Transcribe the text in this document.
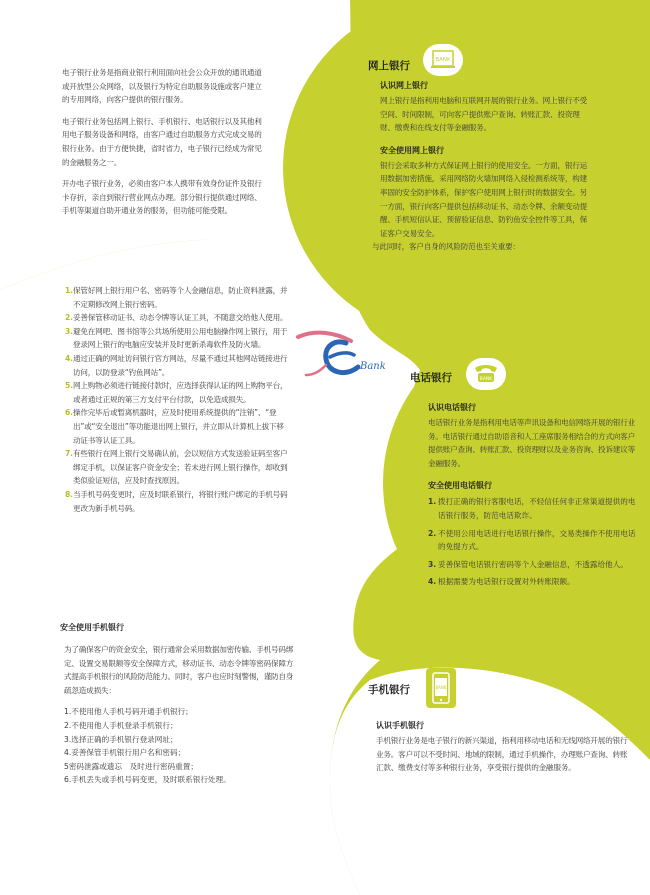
电子银行业务是指商业银行利用面向社会公众开放的通讯通道或开放型公众网络，以及银行为特定自助服务设施或客户建立的专用网络，向客户提供的银行服务。

电子银行业务包括网上银行、手机银行、电话银行以及其他利用电子服务设备和网络，由客户通过自助服务方式完成交易的银行业务。由于方便快捷，省时省力，电子银行已经成为常见的金融服务之一。

开办电子银行业务，必须由客户本人携带有效身份证件及银行卡存折，亲自到银行营业网点办理。部分银行提供通过网络、手机等渠道自助开通业务的服务，但功能可能受限。

网上银行	BANK

认识网上银行

网上银行是指利用电脑和互联网开展的银行业务。网上银行不受空间、时间限制，可向客户提供账户查询、转账汇款、投资理财、缴费和在线支付等金融服务。

安全使用网上银行

银行会采取多种方式保证网上银行的使用安全。一方面，银行运用数据加密措施，采用网络防火墙加网络入侵检测系统等，构建率固的安全防护体系，保护客户使用网上银行时的数据安全。另一方面，银行向客户提供包括移动证书、动态令牌、余额变动提醒、手机短信认证、预留验证信息、防钓鱼安全控件等工具，保证客户交易安全。

与此同时，客户自身的风险防范也至关重要：

1. 保管好网上银行用户名、密码等个人金融信息，防止资料泄露，并不定期修改网上银行密码。
2. 妥善保管移动证书、动态令牌等认证工具，不随意交给他人使用。
3. 避免在网吧、图书馆等公共场所使用公用电脑操作网上银行，用于登录网上银行的电脑应安装并及时更新杀毒软件及防火墙。
4. 通过正确的网址访问银行官方网站，尽量不通过其他网站链接进行访问，以防登录“钓鱼网站”。
5. 网上购物必须进行链接付款时，应选择获得认证的网上购物平台，或者通过正规的第三方支付平台付款，以免造成损失。
6. 操作完毕后或暂离机器时，应及时使用系统提供的“注销”、“登出”或“安全退出”等功能退出网上银行，并立即从计算机上拔下移动证书等认证工具。
7. 有些银行在网上银行交易确认前，会以短信方式发送验证码至客户绑定手机，以保证客户资金安全；若未进行网上银行操作，却收到类似验证短信，应及时查找原因。
8. 当手机号码变更时，应及时联系银行，将银行账户绑定的手机号码更改为新手机号码。
Bank
电话银行	BANK

认识电话银行

电话银行业务是指利用电话等声讯设备和电信网络开展的银行业务。电话银行通过自助语音和人工座席服务相结合的方式向客户提供账户查询、转账汇款、投资理财以及业务咨询、投诉建议等金融服务。

安全使用电话银行

1. 拨打正确的银行客服电话，不轻信任何非正常渠道提供的电话银行服务，防范电话欺诈。
2. 不使用公用电话进行电话银行操作，交易类操作不使用电话的免提方式。
3. 妥善保管电话银行密码等个人金融信息，不透露给他人。
4. 根据需要为电话银行设置对外转账限额。

安全使用手机银行

为了确保客户的资金安全，银行通常会采用数据加密传输、手机号码绑定、设置交易限额等安全保障方式，移动证书、动态令牌等密码保障方式提高手机银行的风险防范能力。同时，客户也应时刻警惕，谨防自身疏忽造成损失：

1.不使用他人手机号码开通手机银行；
2.不使用他人手机登录手机银行；
3.选择正确的手机银行登录网址；
4.妥善保管手机银行用户名和密码；
5密码泄露或遗忘　及时进行密码重置；
6.手机丢失或手机号码变更，及时联系银行处理。
手机银行	BANK

认识手机银行

手机银行业务是电子银行的新兴渠道，指利用移动电话和无线网络开展的银行业务。客户可以不受时间、地域的限制，通过手机操作，办理账户查询、转账汇款、缴费支付等多种银行业务，享受银行提供的金融服务。
